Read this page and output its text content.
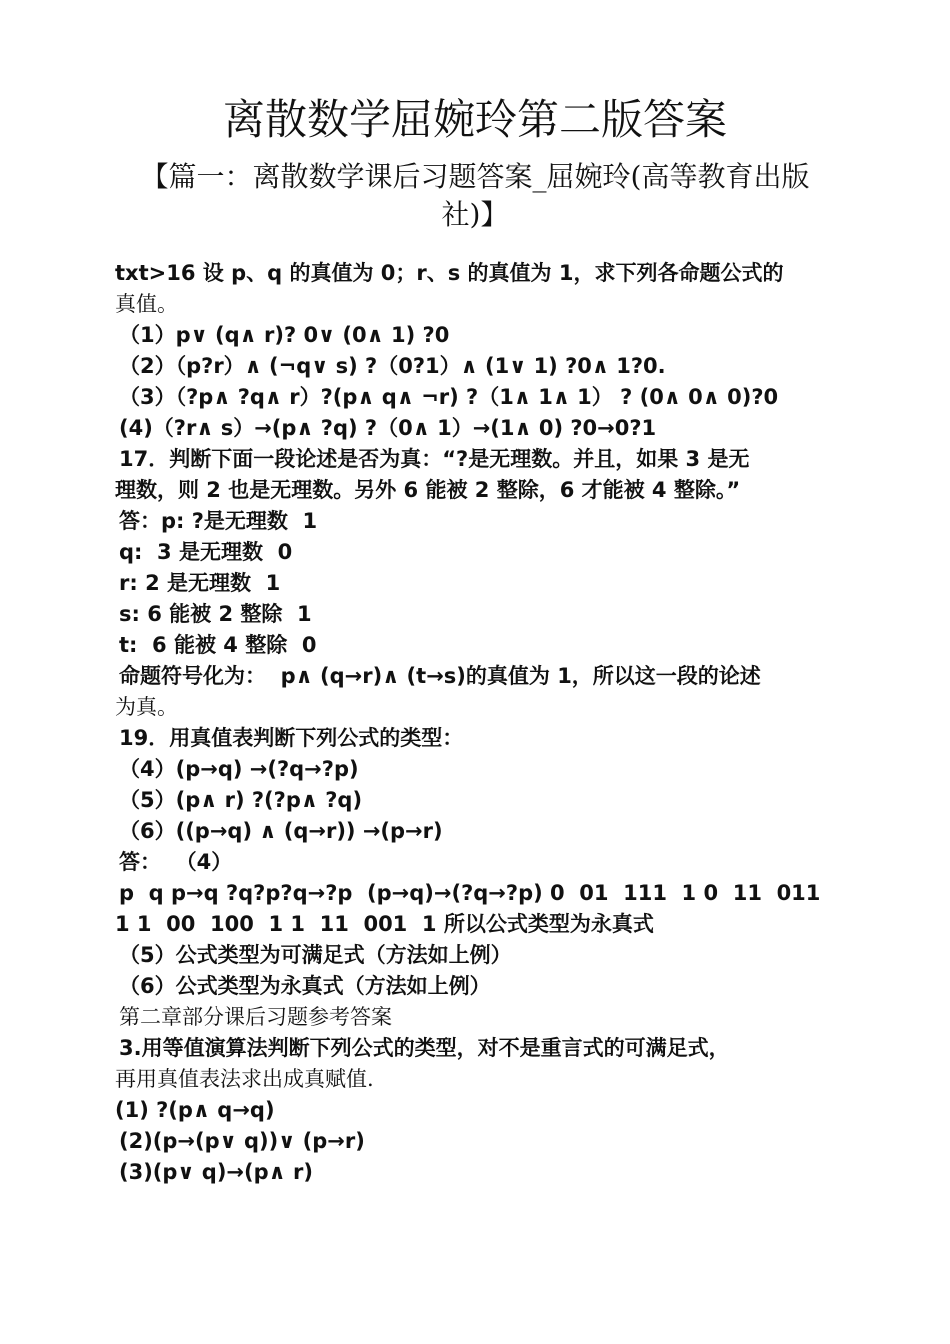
离散数学屈婉玲第二版答案
【篇一：离散数学课后习题答案_屈婉玲(高等教育出版社)】
txt>16 设 p、q 的真值为 0；r、s 的真值为 1，求下列各命题公式的
真值。
（1）p∨ (q∧ r)? 0∨ (0∧ 1) ?0
（2）（p?r）∧ (¬q∨ s) ?（0?1）∧ (1∨ 1) ?0∧ 1?0.
（3）（?p∧ ?q∧ r）?(p∧ q∧ ¬r) ?（1∧ 1∧ 1） ? (0∧ 0∧ 0)?0
(4)（?r∧ s）→(p∧ ?q) ?（0∧ 1）→(1∧ 0) ?0→0?1
17．判断下面一段论述是否为真：“?是无理数。并且，如果 3 是无
理数，则 2 也是无理数。另外 6 能被 2 整除，6 才能被 4 整除。”
答：p: ?是无理数  1
q:  3 是无理数  0
r: 2 是无理数  1
s: 6 能被 2 整除  1
t:  6 能被 4 整除  0
命题符号化为：  p∧ (q→r)∧ (t→s)的真值为 1，所以这一段的论述
为真。
19．用真值表判断下列公式的类型：
（4）(p→q) →(?q→?p)
（5）(p∧ r) ?(?p∧ ?q)
（6）((p→q) ∧ (q→r)) →(p→r)
答：  （4）
p  q p→q ?q?p?q→?p  (p→q)→(?q→?p) 0  01  111  1 0  11  011
1 1  00  100  1 1  11  001  1 所以公式类型为永真式
（5）公式类型为可满足式（方法如上例）
（6）公式类型为永真式（方法如上例）
第二章部分课后习题参考答案
3.用等值演算法判断下列公式的类型，对不是重言式的可满足式，
再用真值表法求出成真赋值.
(1) ?(p∧ q→q)
(2)(p→(p∨ q))∨ (p→r)
(3)(p∨ q)→(p∧ r)
